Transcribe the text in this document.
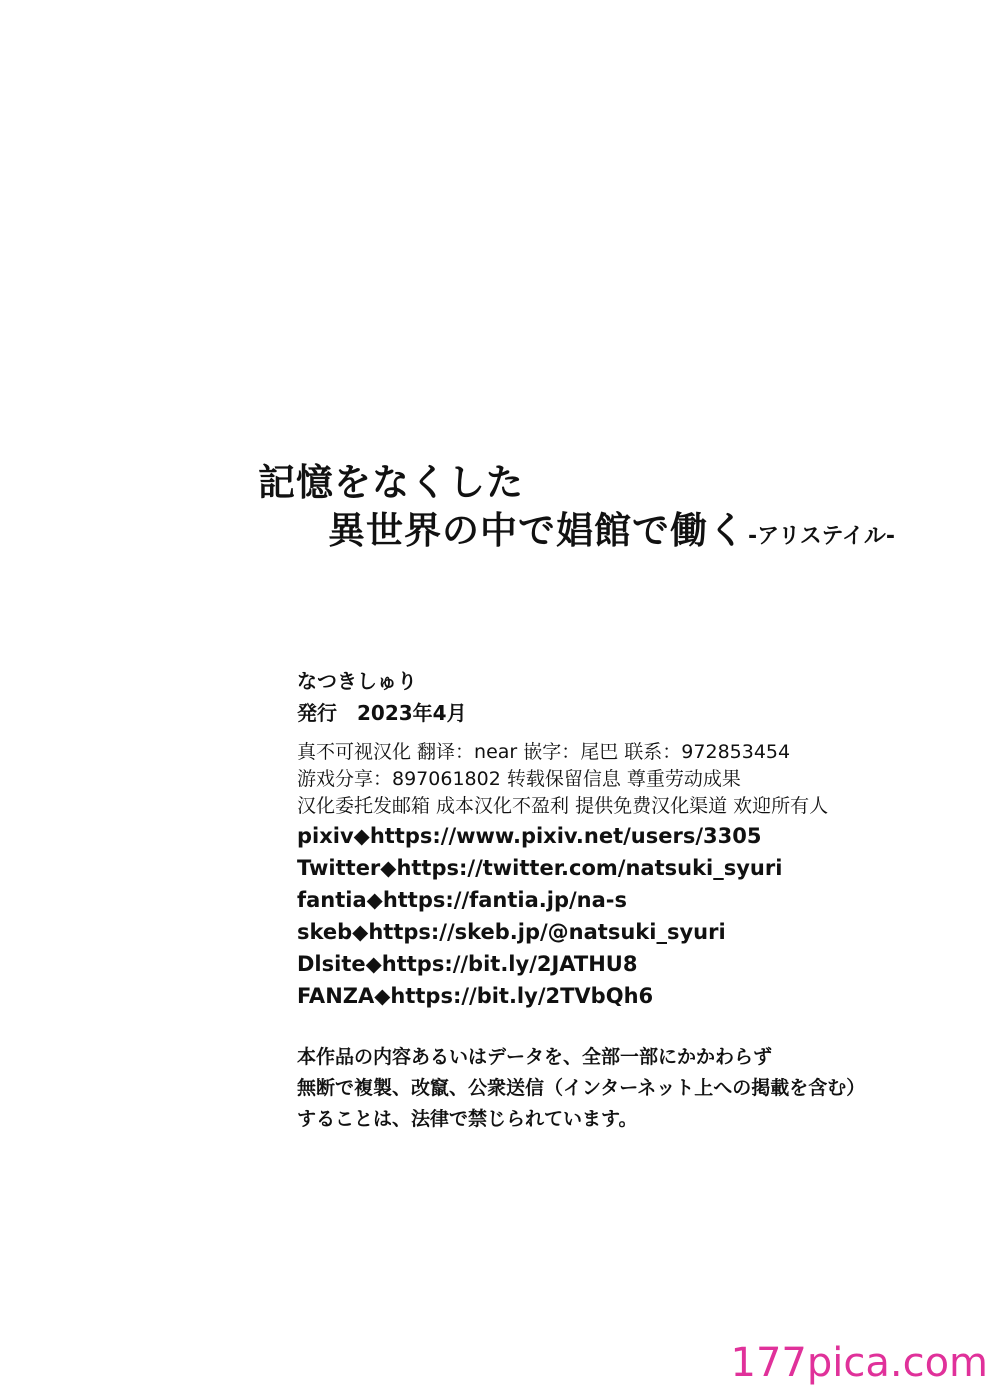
記憶をなくした
異世界の中で娼館で働く-アリステイル-
なつきしゅり
発行　2023年4月
真不可视汉化 翻译：near 嵌字：尾巴 联系：972853454
游戏分享：897061802 转载保留信息 尊重劳动成果
汉化委托发邮箱 成本汉化不盈利 提供免费汉化渠道 欢迎所有人
pixiv◆https://www.pixiv.net/users/3305
Twitter◆https://twitter.com/natsuki_syuri
fantia◆https://fantia.jp/na-s
skeb◆https://skeb.jp/@natsuki_syuri
Dlsite◆https://bit.ly/2JATHU8
FANZA◆https://bit.ly/2TVbQh6
本作品の内容あるいはデータを、全部一部にかかわらず
無断で複製、改竄、公衆送信（インターネット上への掲載を含む）
することは、法律で禁じられています。
177pica.com
